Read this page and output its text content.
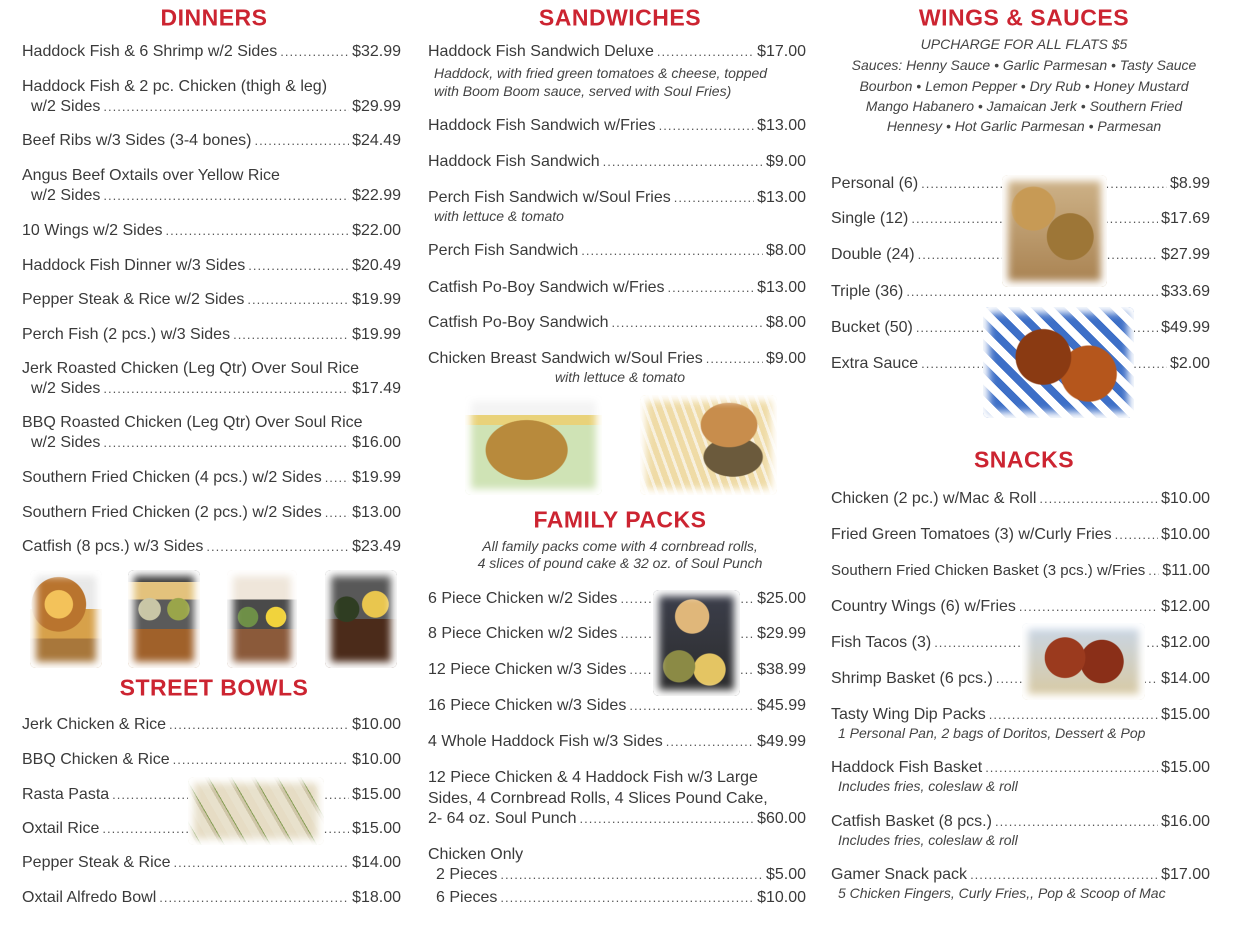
DINNERS
Haddock Fish & 6 Shrimp w/2 Sides .....	$32.99
Haddock Fish & 2 pc. Chicken (thigh & leg)
w/2 Sides .....	$29.99
Beef Ribs w/3 Sides (3-4 bones) .....	$24.49
Angus Beef Oxtails over Yellow Rice
w/2 Sides .....	$22.99
10 Wings w/2 Sides .....	$22.00
Haddock Fish Dinner w/3 Sides .....	$20.49
Pepper Steak & Rice w/2 Sides .....	$19.99
Perch Fish (2 pcs.) w/3 Sides .....	$19.99
Jerk Roasted Chicken (Leg Qtr) Over Soul Rice
w/2 Sides .....	$17.49
BBQ Roasted Chicken (Leg Qtr) Over Soul Rice
w/2 Sides .....	$16.00
Southern Fried Chicken (4 pcs.) w/2 Sides ..... $19.99
Southern Fried Chicken (2 pcs.) w/2 Sides ..... $13.00
Catfish (8 pcs.) w/3 Sides .....	$23.49
STREET BOWLS
Jerk Chicken & Rice .....	$10.00
BBQ Chicken & Rice .....	$10.00
Rasta Pasta .....	$15.00
Oxtail Rice .....	$15.00
Pepper Steak & Rice .....	$14.00
Oxtail Alfredo Bowl .....	$18.00
SANDWICHES
Haddock Fish Sandwich Deluxe .....	$17.00
Haddock, with fried green tomatoes & cheese, topped
with Boom Boom sauce, served with Soul Fries)
Haddock Fish Sandwich w/Fries .....	$13.00
Haddock Fish Sandwich .....	$9.00
Perch Fish Sandwich w/Soul Fries .....	$13.00
with lettuce & tomato
Perch Fish Sandwich .....	$8.00
Catfish Po-Boy Sandwich w/Fries .....	$13.00
Catfish Po-Boy Sandwich .....	$8.00
Chicken Breast Sandwich w/Soul Fries .....	$9.00
with lettuce & tomato
FAMILY PACKS
All family packs come with 4 cornbread rolls,
4 slices of pound cake & 32 oz. of Soul Punch
6 Piece Chicken w/2 Sides .....	$25.00
8 Piece Chicken w/2 Sides .....	$29.99
12 Piece Chicken w/3 Sides .....	$38.99
16 Piece Chicken w/3 Sides .....	$45.99
4 Whole Haddock Fish w/3 Sides .....	$49.99
12 Piece Chicken & 4 Haddock Fish w/3 Large
Sides, 4 Cornbread Rolls, 4 Slices Pound Cake,
2- 64 oz. Soul Punch .....	$60.00
Chicken Only
2 Pieces .....	$5.00
6 Pieces .....	$10.00
WINGS & SAUCES
UPCHARGE FOR ALL FLATS $5
Sauces: Henny Sauce • Garlic Parmesan • Tasty Sauce
Bourbon • Lemon Pepper • Dry Rub • Honey Mustard
Mango Habanero • Jamaican Jerk • Southern Fried
Hennesy • Hot Garlic Parmesan • Parmesan
Personal (6) .....	$8.99
Single (12) .....	$17.69
Double (24) .....	$27.99
Triple (36) .....	$33.69
Bucket (50) .....	$49.99
Extra Sauce .....	$2.00
SNACKS
Chicken (2 pc.) w/Mac & Roll .....	$10.00
Fried Green Tomatoes (3) w/Curly Fries .....	$10.00
Southern Fried Chicken Basket (3 pcs.) w/Fries ..... $11.00
Country Wings (6) w/Fries .....	$12.00
Fish Tacos (3) .....	$12.00
Shrimp Basket (6 pcs.) .....	$14.00
Tasty Wing Dip Packs .....	$15.00
1 Personal Pan, 2 bags of Doritos, Dessert & Pop
Haddock Fish Basket .....	$15.00
Includes fries, coleslaw & roll
Catfish Basket (8 pcs.) .....	$16.00
Includes fries, coleslaw & roll
Gamer Snack pack .....	$17.00
5 Chicken Fingers, Curly Fries,, Pop & Scoop of Mac
